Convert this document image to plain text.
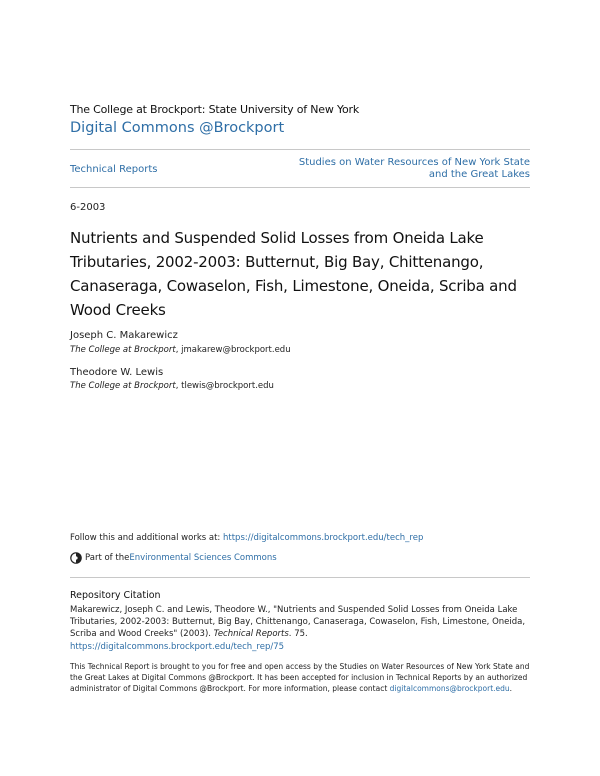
The College at Brockport: State University of New York
Digital Commons @Brockport
Technical Reports
Studies on Water Resources of New York State and the Great Lakes
6-2003
Nutrients and Suspended Solid Losses from Oneida Lake Tributaries, 2002-2003: Butternut, Big Bay, Chittenango, Canaseraga, Cowaselon, Fish, Limestone, Oneida, Scriba and Wood Creeks
Joseph C. Makarewicz
The College at Brockport, jmakarew@brockport.edu
Theodore W. Lewis
The College at Brockport, tlewis@brockport.edu
Follow this and additional works at: https://digitalcommons.brockport.edu/tech_rep
Part of the Environmental Sciences Commons
Repository Citation
Makarewicz, Joseph C. and Lewis, Theodore W., "Nutrients and Suspended Solid Losses from Oneida Lake Tributaries, 2002-2003: Butternut, Big Bay, Chittenango, Canaseraga, Cowaselon, Fish, Limestone, Oneida, Scriba and Wood Creeks" (2003). Technical Reports. 75.
https://digitalcommons.brockport.edu/tech_rep/75
This Technical Report is brought to you for free and open access by the Studies on Water Resources of New York State and the Great Lakes at Digital Commons @Brockport. It has been accepted for inclusion in Technical Reports by an authorized administrator of Digital Commons @Brockport. For more information, please contact digitalcommons@brockport.edu.
